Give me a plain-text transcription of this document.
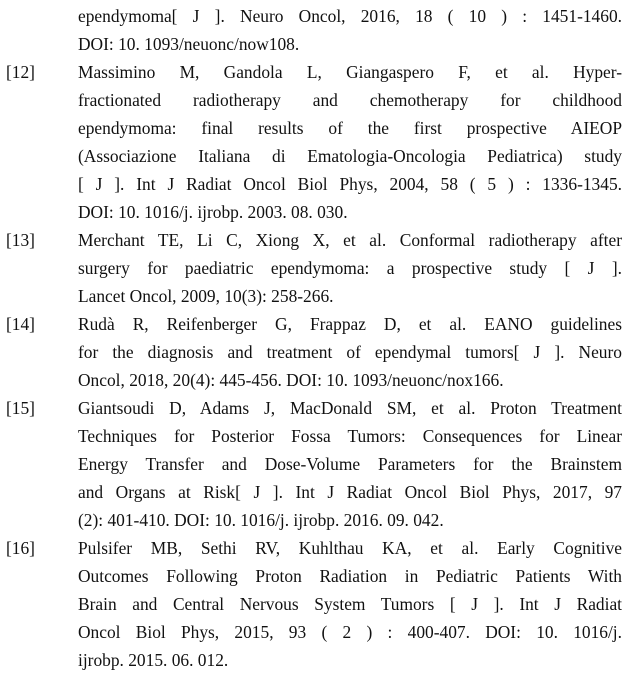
ependymoma[ J ]. Neuro Oncol, 2016, 18 ( 10 ) : 1451-1460.
DOI: 10. 1093/neuonc/now108.
[12] Massimino M, Gandola L, Giangaspero F, et al. Hyper-
fractionated radiotherapy and chemotherapy for childhood
ependymoma: final results of the first prospective AIEOP
(Associazione Italiana di Ematologia-Oncologia Pediatrica) study
[ J ]. Int J Radiat Oncol Biol Phys, 2004, 58 ( 5 ) : 1336-1345.
DOI: 10. 1016/j. ijrobp. 2003. 08. 030.
[13] Merchant TE, Li C, Xiong X, et al. Conformal radiotherapy after
surgery for paediatric ependymoma: a prospective study [ J ].
Lancet Oncol, 2009, 10(3): 258-266.
[14] Rudà R, Reifenberger G, Frappaz D, et al. EANO guidelines
for the diagnosis and treatment of ependymal tumors[ J ]. Neuro
Oncol, 2018, 20(4): 445-456. DOI: 10. 1093/neuonc/nox166.
[15] Giantsoudi D, Adams J, MacDonald SM, et al. Proton Treatment
Techniques for Posterior Fossa Tumors: Consequences for Linear
Energy Transfer and Dose-Volume Parameters for the Brainstem
and Organs at Risk[ J ]. Int J Radiat Oncol Biol Phys, 2017, 97
(2): 401-410. DOI: 10. 1016/j. ijrobp. 2016. 09. 042.
[16] Pulsifer MB, Sethi RV, Kuhlthau KA, et al. Early Cognitive
Outcomes Following Proton Radiation in Pediatric Patients With
Brain and Central Nervous System Tumors [ J ]. Int J Radiat
Oncol Biol Phys, 2015, 93 ( 2 ) : 400-407. DOI: 10. 1016/j.
ijrobp. 2015. 06. 012.
